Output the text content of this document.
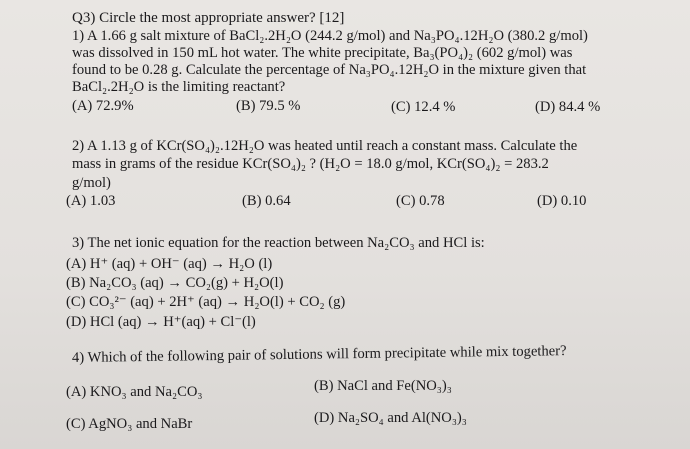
Q3) Circle the most appropriate answer? [12]
1) A 1.66 g salt mixture of BaCl₂.2H₂O (244.2 g/mol) and Na₃PO₄.12H₂O (380.2 g/mol)
was dissolved in 150 mL hot water. The white precipitate, Ba₃(PO₄)₂ (602 g/mol) was
found to be 0.28 g. Calculate the percentage of Na₃PO₄.12H₂O in the mixture given that
BaCl₂.2H₂O is the limiting reactant?
(A) 72.9%	(B) 79.5 %	(C) 12.4 %	(D) 84.4 %
2) A 1.13 g of KCr(SO₄)₂.12H₂O was heated until reach a constant mass. Calculate the
mass in grams of the residue KCr(SO₄)₂ ? (H₂O = 18.0 g/mol, KCr(SO₄)₂ = 283.2
g/mol)
(A) 1.03	(B) 0.64	(C) 0.78	(D) 0.10
3) The net ionic equation for the reaction between Na₂CO₃ and HCl is:
(A) H⁺ (aq) + OH⁻ (aq) → H₂O (l)
(B) Na₂CO₃ (aq) → CO₂(g) + H₂O(l)
(C) CO₃²⁻ (aq) + 2H⁺ (aq) → H₂O(l) + CO₂ (g)
(D) HCl (aq) → H⁺(aq) + Cl⁻(l)
4) Which of the following pair of solutions will form precipitate while mix together?
(A) KNO₃ and Na₂CO₃	(B) NaCl and Fe(NO₃)₃
(C) AgNO₃ and NaBr	(D) Na₂SO₄ and Al(NO₃)₃
